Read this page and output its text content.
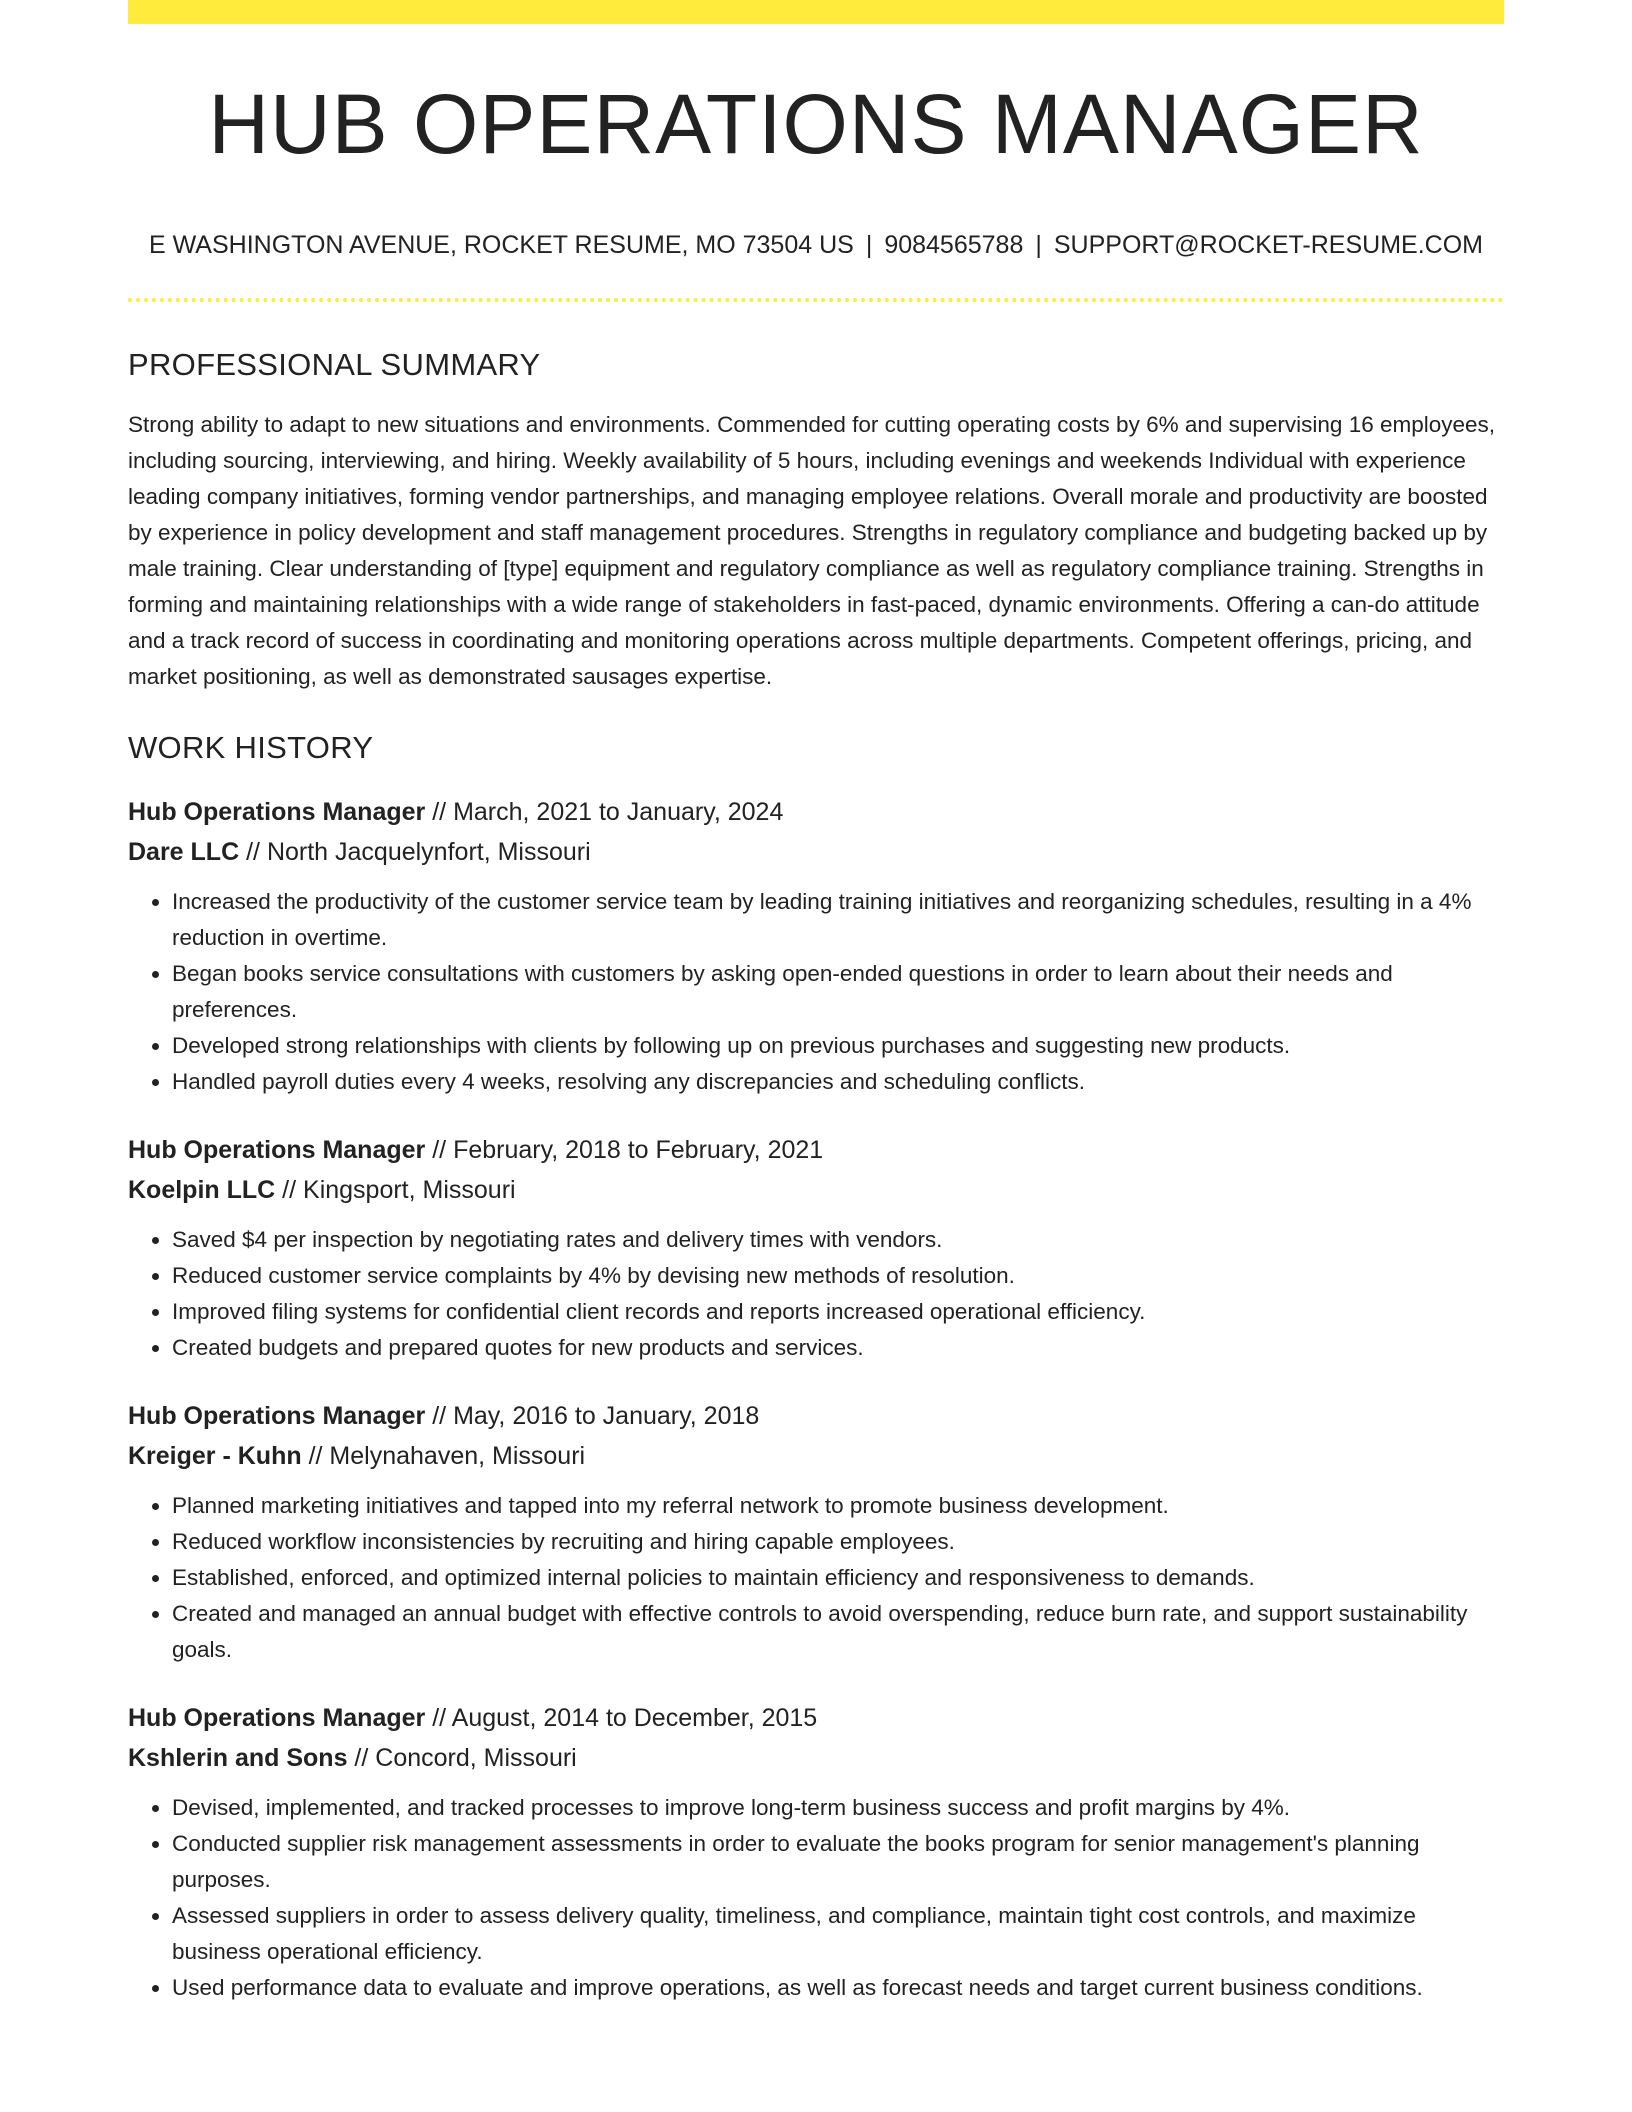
HUB OPERATIONS MANAGER
E WASHINGTON AVENUE, ROCKET RESUME, MO 73504 US | 9084565788 | SUPPORT@ROCKET-RESUME.COM
PROFESSIONAL SUMMARY

Strong ability to adapt to new situations and environments. Commended for cutting operating costs by 6% and supervising 16 employees, including sourcing, interviewing, and hiring. Weekly availability of 5 hours, including evenings and weekends Individual with experience leading company initiatives, forming vendor partnerships, and managing employee relations. Overall morale and productivity are boosted by experience in policy development and staff management procedures. Strengths in regulatory compliance and budgeting backed up by male training. Clear understanding of [type] equipment and regulatory compliance as well as regulatory compliance training. Strengths in forming and maintaining relationships with a wide range of stakeholders in fast-paced, dynamic environments. Offering a can-do attitude and a track record of success in coordinating and monitoring operations across multiple departments. Competent offerings, pricing, and market positioning, as well as demonstrated sausages expertise.

WORK HISTORY
Hub Operations Manager // March, 2021 to January, 2024
Dare LLC // North Jacquelynfort, Missouri
• Increased the productivity of the customer service team by leading training initiatives and reorganizing schedules, resulting in a 4% reduction in overtime.
• Began books service consultations with customers by asking open-ended questions in order to learn about their needs and preferences.
• Developed strong relationships with clients by following up on previous purchases and suggesting new products.
• Handled payroll duties every 4 weeks, resolving any discrepancies and scheduling conflicts.
Hub Operations Manager // February, 2018 to February, 2021
Koelpin LLC // Kingsport, Missouri
• Saved $4 per inspection by negotiating rates and delivery times with vendors.
• Reduced customer service complaints by 4% by devising new methods of resolution.
• Improved filing systems for confidential client records and reports increased operational efficiency.
• Created budgets and prepared quotes for new products and services.
Hub Operations Manager // May, 2016 to January, 2018
Kreiger - Kuhn // Melynahaven, Missouri
• Planned marketing initiatives and tapped into my referral network to promote business development.
• Reduced workflow inconsistencies by recruiting and hiring capable employees.
• Established, enforced, and optimized internal policies to maintain efficiency and responsiveness to demands.
• Created and managed an annual budget with effective controls to avoid overspending, reduce burn rate, and support sustainability goals.
Hub Operations Manager // August, 2014 to December, 2015
Kshlerin and Sons // Concord, Missouri
• Devised, implemented, and tracked processes to improve long-term business success and profit margins by 4%.
• Conducted supplier risk management assessments in order to evaluate the books program for senior management's planning purposes.
• Assessed suppliers in order to assess delivery quality, timeliness, and compliance, maintain tight cost controls, and maximize business operational efficiency.
• Used performance data to evaluate and improve operations, as well as forecast needs and target current business conditions.
